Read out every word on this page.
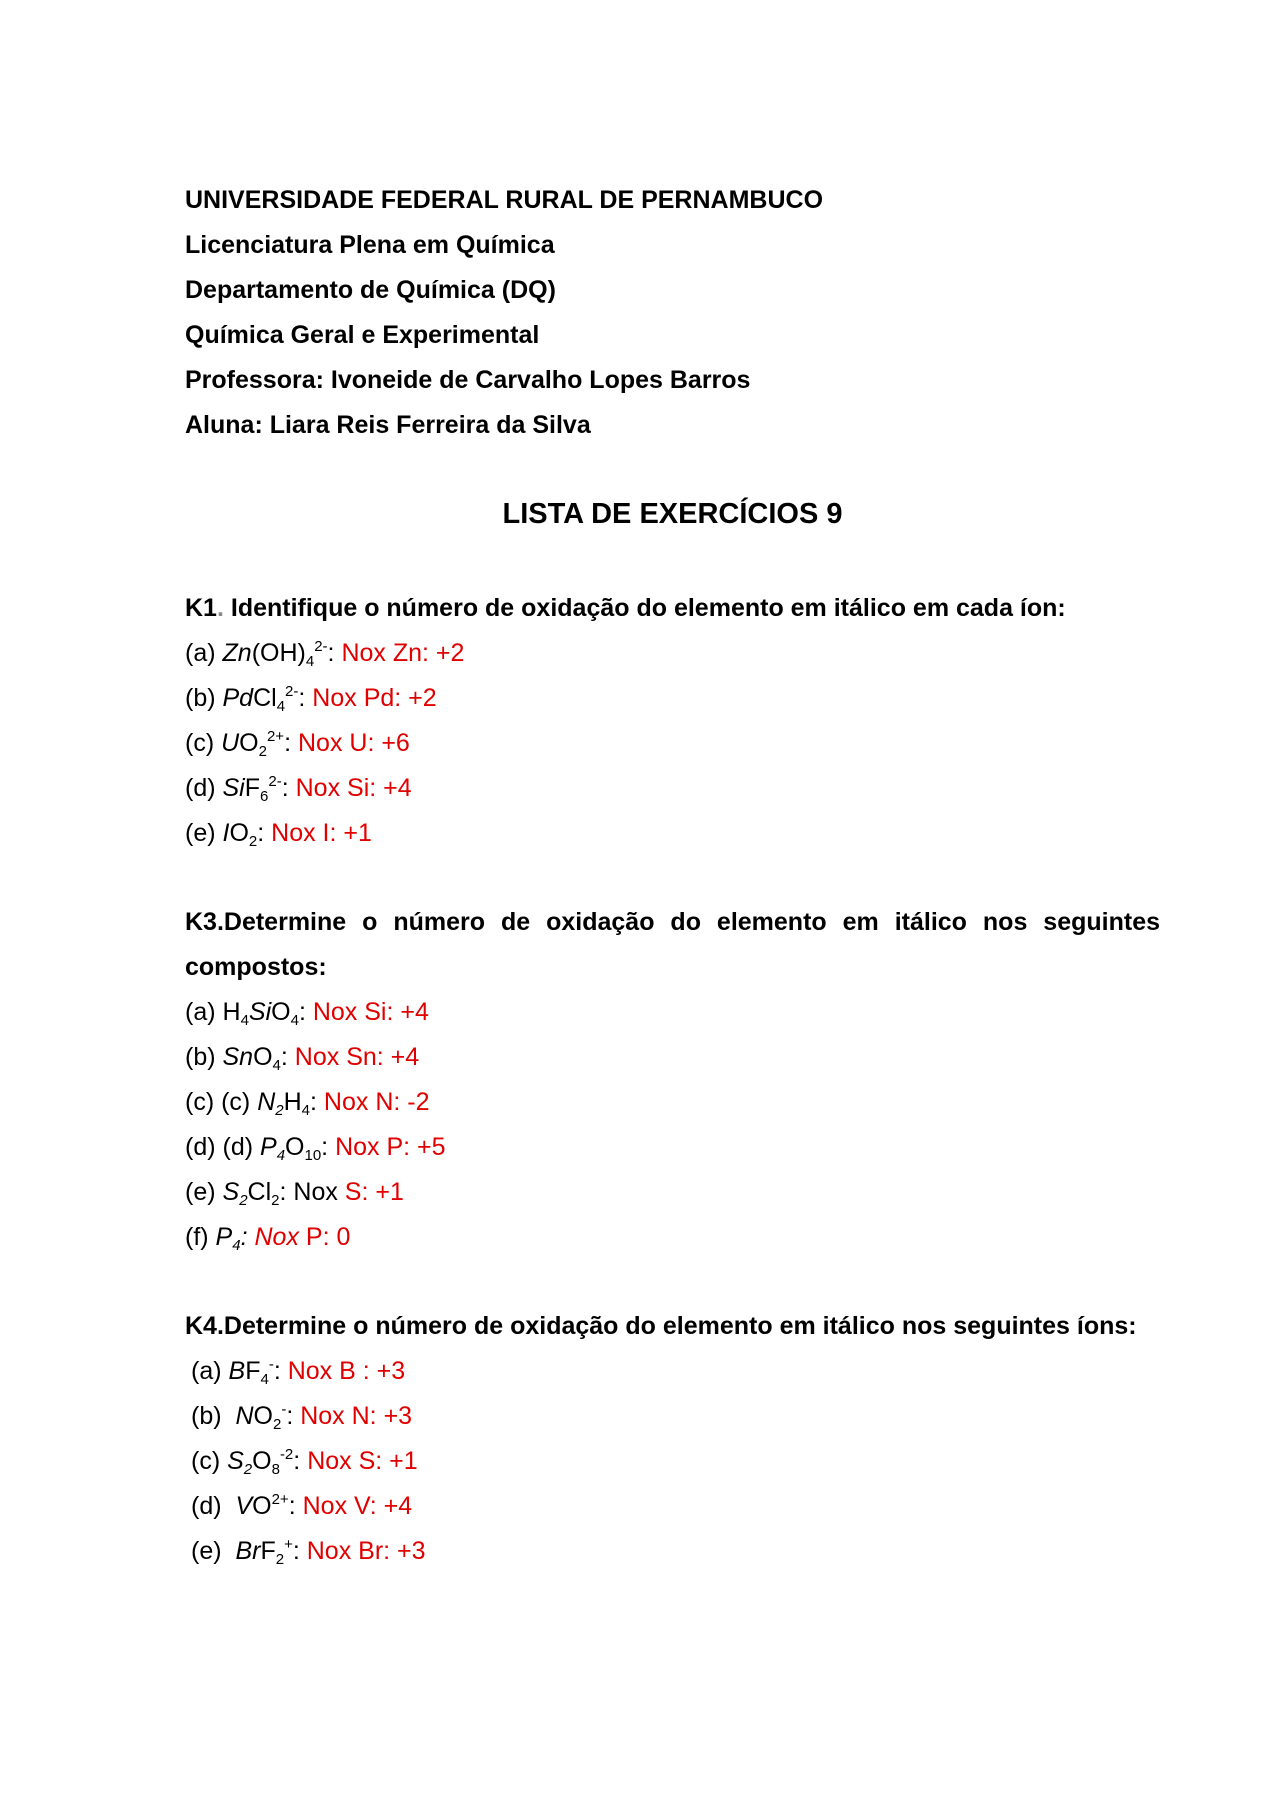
UNIVERSIDADE FEDERAL RURAL DE PERNAMBUCO
Licenciatura Plena em Química
Departamento de Química (DQ)
Química Geral e Experimental
Professora: Ivoneide de Carvalho Lopes Barros
Aluna: Liara Reis Ferreira da Silva
LISTA DE EXERCÍCIOS 9
K1. Identifique o número de oxidação do elemento em itálico em cada íon:
(a) $Zn(OH)_4^{2-}$: Nox Zn: +2
(b) PdCl$_4^{2-}$: Nox Pd: +2
(c) $UO_2^{2+}$: Nox U: +6
(d) SiF$_6^{2-}$: Nox Si: +4
(e) $IO_2$: Nox I: +1
K3.Determine o número de oxidação do elemento em itálico nos seguintes compostos:
(a) $H_4SiO_4$: Nox Si: +4
(b) SnO$_4$: Nox Sn: +4
(c) (c) $N_2H_4$: Nox N: -2
(d) (d) $P_4O_{10}$: Nox P: +5
(e) $S_2Cl_2$: Nox S: +1
(f) $P_4$: Nox P: 0
K4.Determine o número de oxidação do elemento em itálico nos seguintes íons:
(a) $BF_4^-$: Nox B : +3
(b)  $NO_2^-$: Nox N: +3
(c) $S_2O_8^{-2}$: Nox S: +1
(d)  $VO^{2+}$: Nox V: +4
(e)  BrF$_2$+: Nox Br: +3
